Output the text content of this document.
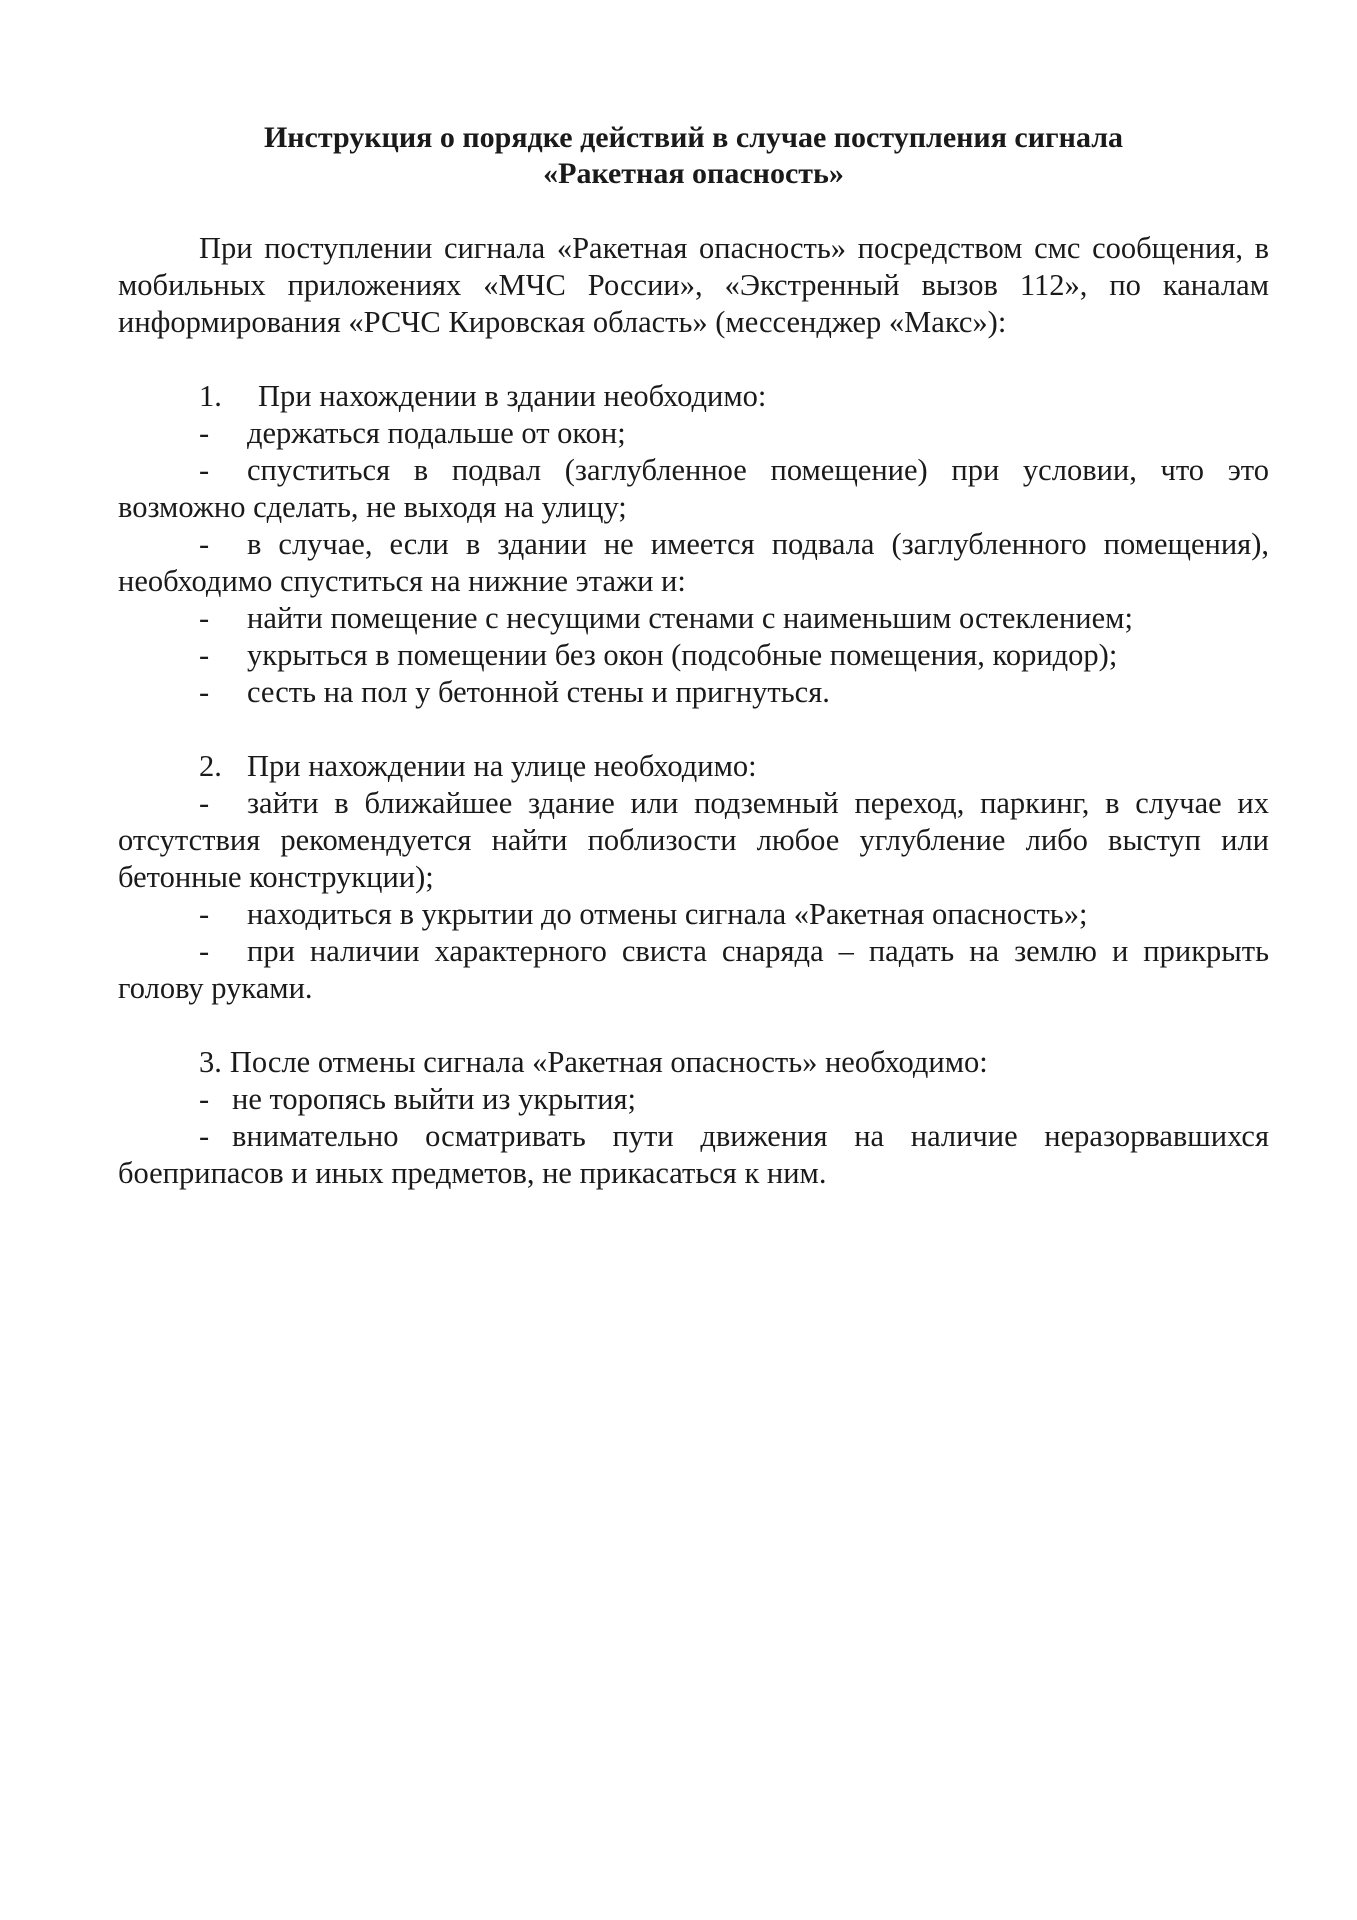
Инструкция о порядке действий в случае поступления сигнала
«Ракетная опасность»

При поступлении сигнала «Ракетная опасность» посредством смс сообщения, в мобильных приложениях «МЧС России», «Экстренный вызов 112», по каналам информирования «РСЧС Кировская область» (мессенджер «Макс»):

1. При нахождении в здании необходимо:

- держаться подальше от окон;

- спуститься в подвал (заглубленное помещение) при условии, что это возможно сделать, не выходя на улицу;

- в случае, если в здании не имеется подвала (заглубленного помещения), необходимо спуститься на нижние этажи и:

- найти помещение с несущими стенами с наименьшим остеклением;

- укрыться в помещении без окон (подсобные помещения, коридор);

- сесть на пол у бетонной стены и пригнуться.

2. При нахождении на улице необходимо:

- зайти в ближайшее здание или подземный переход, паркинг, в случае их отсутствия рекомендуется найти поблизости любое углубление либо выступ или бетонные конструкции);

- находиться в укрытии до отмены сигнала «Ракетная опасность»;

- при наличии характерного свиста снаряда – падать на землю и прикрыть голову руками.

3. После отмены сигнала «Ракетная опасность» необходимо:

- не торопясь выйти из укрытия;

- внимательно осматривать пути движения на наличие неразорвавшихся боеприпасов и иных предметов, не прикасаться к ним.
